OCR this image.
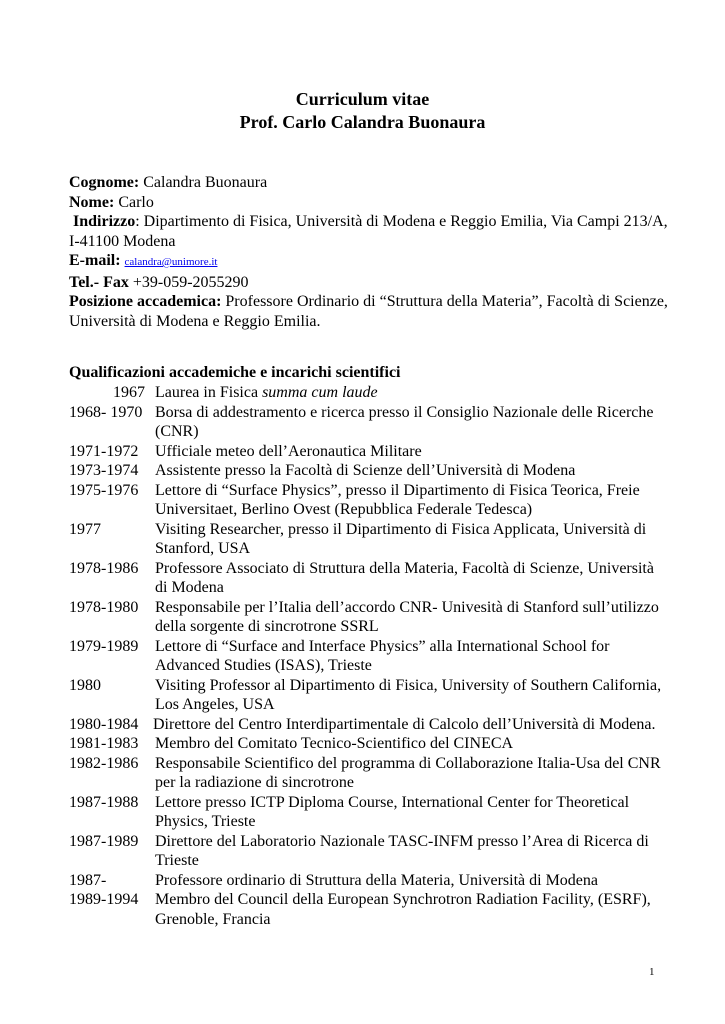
Curriculum vitae
Prof. Carlo Calandra Buonaura

Cognome: Calandra Buonaura

Nome: Carlo

Indirizzo: Dipartimento di Fisica, Università di Modena e Reggio Emilia, Via Campi 213/A, I-41100 Modena

E-mail: calandra@unimore.it

Tel.- Fax +39-059-2055290

Posizione accademica: Professore Ordinario di “Struttura della Materia”, Facoltà di Scienze, Università di Modena e Reggio Emilia.

Qualificazioni accademiche e incarichi scientifici
1967 Laurea in Fisica summa cum laude
1968- 1970 Borsa di addestramento e ricerca presso il Consiglio Nazionale delle Ricerche (CNR)
1971-1972	Ufficiale meteo dell’Aeronautica Militare
1973-1974	Assistente presso la Facoltà di Scienze dell’Università di Modena
1975-1976	Lettore di “Surface Physics”, presso il Dipartimento di Fisica Teorica, Freie Universitaet, Berlino Ovest (Repubblica Federale Tedesca)
1977	Visiting Researcher, presso il Dipartimento di Fisica Applicata, Università di Stanford, USA
1978-1986	Professore Associato di Struttura della Materia, Facoltà di Scienze, Università di Modena
1978-1980	Responsabile per l’Italia dell’accordo CNR- Univesità di Stanford sull’utilizzo della sorgente di sincrotrone SSRL
1979-1989	Lettore di “Surface and Interface Physics” alla International School for Advanced Studies (ISAS), Trieste
1980	Visiting Professor al Dipartimento di Fisica, University of Southern California, Los Angeles, USA
1980-1984 Direttore del Centro Interdipartimentale di Calcolo dell’Università di Modena.
1981-1983	Membro del Comitato Tecnico-Scientifico del CINECA
1982-1986	Responsabile Scientifico del programma di Collaborazione Italia-Usa del CNR per la radiazione di sincrotrone
1987-1988	Lettore presso ICTP Diploma Course, International Center for Theoretical Physics, Trieste
1987-1989	Direttore del Laboratorio Nazionale TASC-INFM presso l’Area di Ricerca di Trieste
1987-	Professore ordinario di Struttura della Materia, Università di Modena
1989-1994	Membro del Council della European Synchrotron Radiation Facility, (ESRF), Grenoble, Francia
1
